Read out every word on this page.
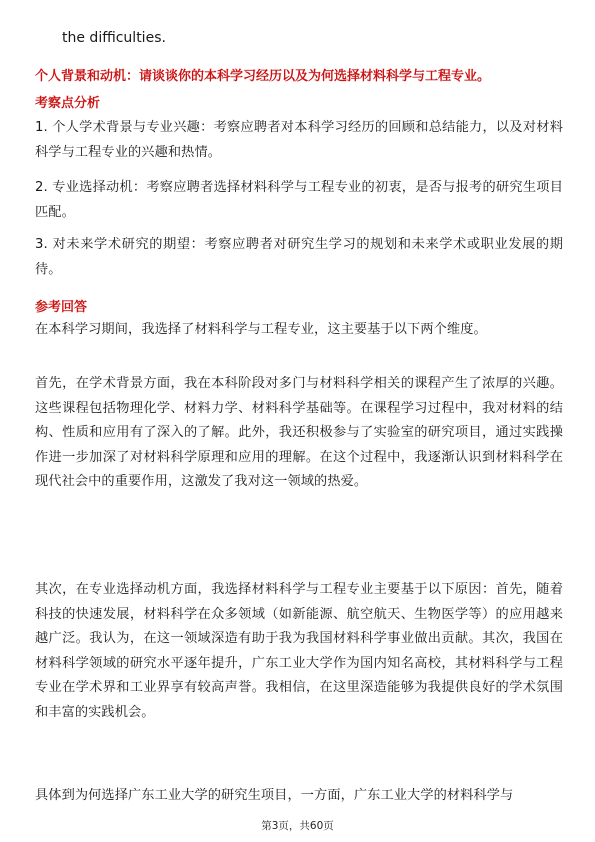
the difficulties.

个人背景和动机：请谈谈你的本科学习经历以及为何选择材料科学与工程专业。

考察点分析

1. 个人学术背景与专业兴趣：考察应聘者对本科学习经历的回顾和总结能力，以及对材料科学与工程专业的兴趣和热情。

2. 专业选择动机：考察应聘者选择材料科学与工程专业的初衷，是否与报考的研究生项目匹配。

3. 对未来学术研究的期望：考察应聘者对研究生学习的规划和未来学术或职业发展的期待。

参考回答

在本科学习期间，我选择了材料科学与工程专业，这主要基于以下两个维度。

首先，在学术背景方面，我在本科阶段对多门与材料科学相关的课程产生了浓厚的兴趣。这些课程包括物理化学、材料力学、材料科学基础等。在课程学习过程中，我对材料的结构、性质和应用有了深入的了解。此外，我还积极参与了实验室的研究项目，通过实践操作进一步加深了对材料科学原理和应用的理解。在这个过程中，我逐渐认识到材料科学在现代社会中的重要作用，这激发了我对这一领域的热爱。

其次，在专业选择动机方面，我选择材料科学与工程专业主要基于以下原因：首先，随着科技的快速发展，材料科学在众多领域（如新能源、航空航天、生物医学等）的应用越来越广泛。我认为，在这一领域深造有助于我为我国材料科学事业做出贡献。其次，我国在材料科学领域的研究水平逐年提升，广东工业大学作为国内知名高校，其材料科学与工程专业在学术界和工业界享有较高声誉。我相信，在这里深造能够为我提供良好的学术氛围和丰富的实践机会。

具体到为何选择广东工业大学的研究生项目，一方面，广东工业大学的材料科学与

第3页，共60页
